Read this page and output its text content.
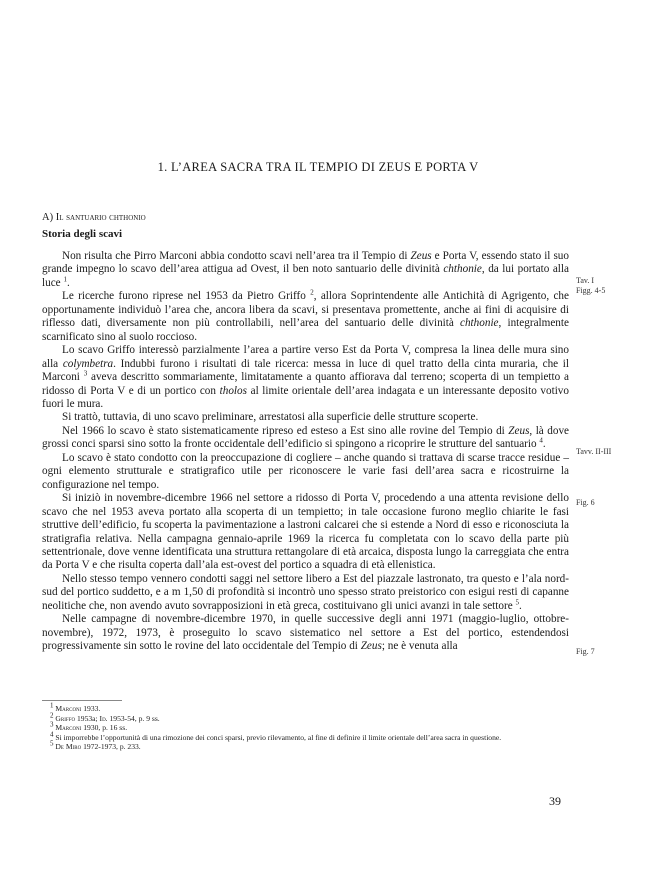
1. L’AREA SACRA TRA IL TEMPIO DI ZEUS E PORTA V
A) Il santuario chthonio
Storia degli scavi

Non risulta che Pirro Marconi abbia condotto scavi nell’area tra il Tempio di Zeus e Porta V, essendo stato il suo grande impegno lo scavo dell’area attigua ad Ovest, il ben noto santuario delle divinità chthonie, da lui portato alla luce $^1$.

Le ricerche furono riprese nel 1953 da Pietro Griffo $^2$, allora Soprintendente alle Antichità di Agrigento, che opportunamente individuò l’area che, ancora libera da scavi, si presentava promettente, anche ai fini di acquisire di riflesso dati, diversamente non più controllabili, nell’area del santuario delle divinità chthonie, integralmente scarnificato sino al suolo roccioso.

Lo scavo Griffo interessò parzialmente l’area a partire verso Est da Porta V, compresa la linea delle mura sino alla colymbetra. Indubbi furono i risultati di tale ricerca: messa in luce di quel tratto della cinta muraria, che il Marconi $^3$ aveva descritto sommariamente, limitatamente a quanto affiorava dal terreno; scoperta di un tempietto a ridosso di Porta V e di un portico con tholos al limite orientale dell’area indagata e un interessante deposito votivo fuori le mura.

Si trattò, tuttavia, di uno scavo preliminare, arrestatosi alla superficie delle strutture scoperte.

Nel 1966 lo scavo è stato sistematicamente ripreso ed esteso a Est sino alle rovine del Tempio di Zeus, là dove grossi conci sparsi sino sotto la fronte occidentale dell’edificio si spingono a ricoprire le strutture del santuario $^4$.

Lo scavo è stato condotto con la preoccupazione di cogliere – anche quando si trattava di scarse tracce residue – ogni elemento strutturale e stratigrafico utile per riconoscere le varie fasi dell’area sacra e ricostruirne la configurazione nel tempo.

Si iniziò in novembre-dicembre 1966 nel settore a ridosso di Porta V, procedendo a una attenta revisione dello scavo che nel 1953 aveva portato alla scoperta di un tempietto; in tale occasione furono meglio chiarite le fasi struttive dell’edificio, fu scoperta la pavimentazione a lastroni calcarei che si estende a Nord di esso e riconosciuta la stratigrafia relativa. Nella campagna gennaio-aprile 1969 la ricerca fu completata con lo scavo della parte più settentrionale, dove venne identificata una struttura rettangolare di età arcaica, disposta lungo la carreggiata che entra da Porta V e che risulta coperta dall’ala est-ovest del portico a squadra di età ellenistica.

Nello stesso tempo vennero condotti saggi nel settore libero a Est del piazzale lastronato, tra questo e l’ala nord-sud del portico suddetto, e a m 1,50 di profondità si incontrò uno spesso strato preistorico con esigui resti di capanne neolitiche che, non avendo avuto sovrapposizioni in età greca, costituivano gli unici avanzi in tale settore $^5$.

Nelle campagne di novembre-dicembre 1970, in quelle successive degli anni 1971 (maggio-luglio, ottobre-novembre), 1972, 1973, è proseguito lo scavo sistematico nel settore a Est del portico, estendendosi progressivamente sin sotto le rovine del lato occidentale del Tempio di Zeus; ne è venuta alla

Tav. I
Figg. 4-5
Tavv. II-III
Fig. 6
Fig. 7

$^1$ Marconi 1933.

$^2$ Griffo 1953a; Id. 1953-54, p. 9 ss.

$^3$ Marconi 1930, p. 16 ss.

$^4$ Si imporrebbe l’opportunità di una rimozione dei conci sparsi, previo rilevamento, al fine di definire il limite orientale dell’area sacra in questione.

$^5$ De Miro 1972-1973, p. 233.

39
